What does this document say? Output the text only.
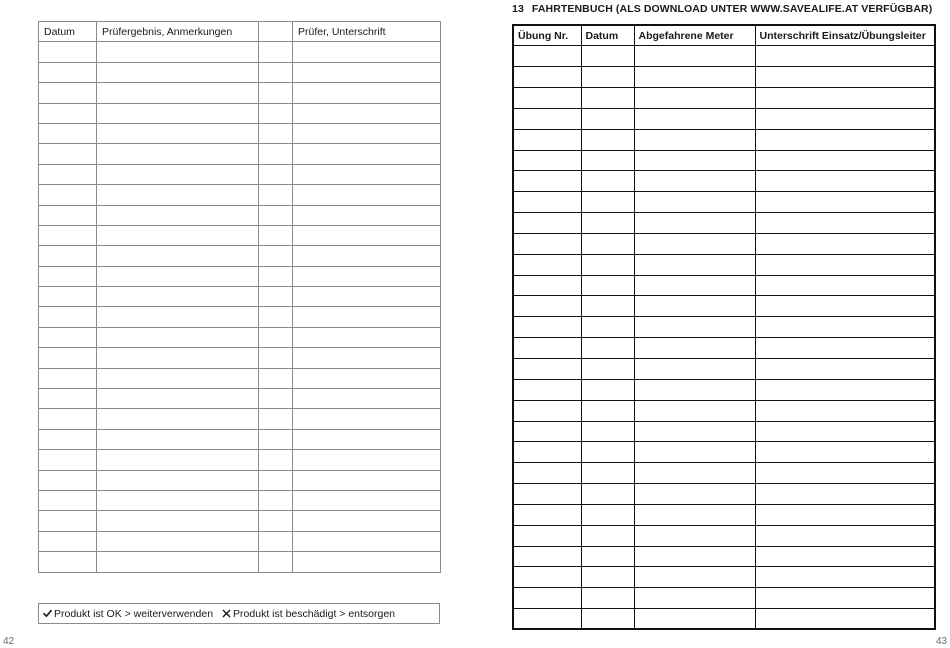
Datum	Prüfergebnis, Anmerkungen		Prüfer, Unterschrift

Produkt ist OK > weiterverwenden Produkt ist beschädigt > entsorgen
42
13 FAHRTENBUCH (ALS DOWNLOAD UNTER WWW.SAVEALIFE.AT VERFÜGBAR)
Übung Nr.	Datum	Abgefahrene Meter	Unterschrift Einsatz/Übungsleiter

43
